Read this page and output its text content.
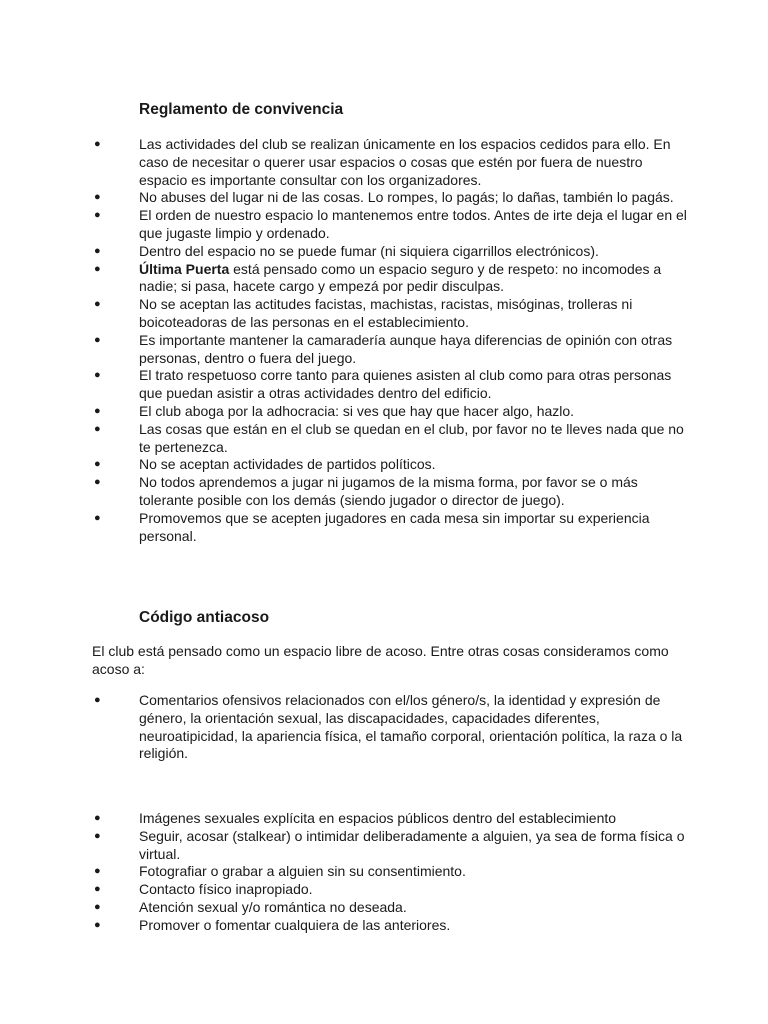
Reglamento de convivencia
●	Las actividades del club se realizan únicamente en los espacios cedidos para ello. En caso de necesitar o querer usar espacios o cosas que estén por fuera de nuestro espacio es importante consultar con los organizadores.
●	No abuses del lugar ni de las cosas. Lo rompes, lo pagás; lo dañas, también lo pagás.
●	El orden de nuestro espacio lo mantenemos entre todos. Antes de irte deja el lugar en el que jugaste limpio y ordenado.
●	Dentro del espacio no se puede fumar (ni siquiera cigarrillos electrónicos).
●	Última Puerta está pensado como un espacio seguro y de respeto: no incomodes a nadie; si pasa, hacete cargo y empezá por pedir disculpas.
●	No se aceptan las actitudes facistas, machistas, racistas, misóginas, trolleras ni boicoteadoras de las personas en el establecimiento.
●	Es importante mantener la camaradería aunque haya diferencias de opinión con otras personas, dentro o fuera del juego.
●	El trato respetuoso corre tanto para quienes asisten al club como para otras personas que puedan asistir a otras actividades dentro del edificio.
●	El club aboga por la adhocracia: si ves que hay que hacer algo, hazlo.
●	Las cosas que están en el club se quedan en el club, por favor no te lleves nada que no te pertenezca.
●	No se aceptan actividades de partidos políticos.
●	No todos aprendemos a jugar ni jugamos de la misma forma, por favor se o más tolerante posible con los demás (siendo jugador o director de juego).
●	Promovemos que se acepten jugadores en cada mesa sin importar su experiencia personal.
Código antiacoso

El club está pensado como un espacio libre de acoso. Entre otras cosas consideramos como acoso a:

●	Comentarios ofensivos relacionados con el/los género/s, la identidad y expresión de género, la orientación sexual, las discapacidades, capacidades diferentes, neuroatipicidad, la apariencia física, el tamaño corporal, orientación política, la raza o la religión.
●	Imágenes sexuales explícita en espacios públicos dentro del establecimiento
●	Seguir, acosar (stalkear) o intimidar deliberadamente a alguien, ya sea de forma física o virtual.
●	Fotografiar o grabar a alguien sin su consentimiento.
●	Contacto físico inapropiado.
●	Atención sexual y/o romántica no deseada.
●	Promover o fomentar cualquiera de las anteriores.
